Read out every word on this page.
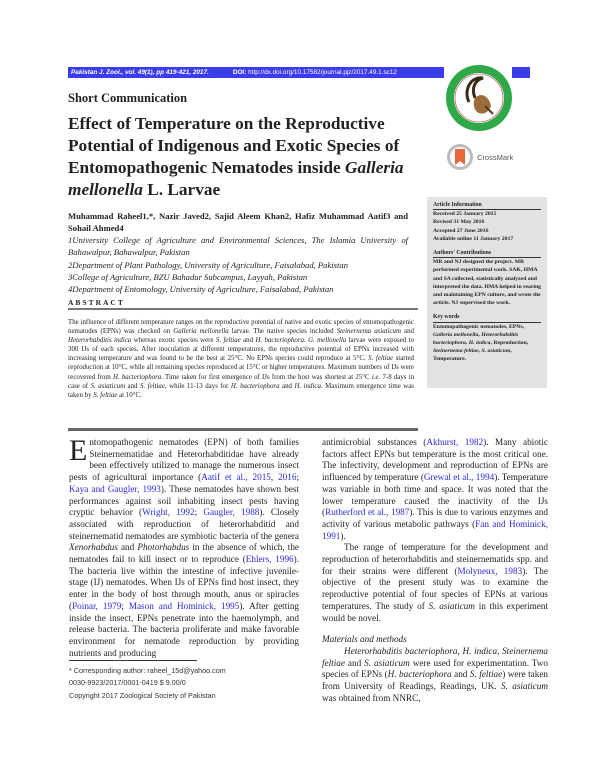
Pakistan J. Zool., vol. 49(1), pp 419-421, 2017.	DOI: http://dx.doi.org/10.17582/journal.pjz/2017.49.1.sc12
CrossMark
Short Communication
Effect of Temperature on the Reproductive Potential of Indigenous and Exotic Species of Entomopathogenic Nematodes inside Galleria mellonella L. Larvae
Muhammad Raheel1,*, Nazir Javed2, Sajid Aleem Khan2, Hafiz Muhammad Aatif3 and Sohail Ahmed4
1University College of Agriculture and Environmental Sciences, The Islamia University of Bahawalpur, Bahawalpur, Pakistan
2Department of Plant Pathology, University of Agriculture, Faisalabad, Pakistan
3College of Agriculture, BZU Bahadur Subcampus, Layyah, Pakistan
4Department of Entomology, University of Agriculture, Faisalabad, Pakistan
ABSTRACT
The influence of different temperature ranges on the reproductive potential of native and exotic species of entomopathogenic nematodes (EPNs) was checked on Galleria mellonella larvae. The native species included Steinernema asiaticum and Heterorhabditis indica whereas exotic species were S. feltiae and H. bacteriophora. G. mellonella larvae were exposed to 300 IJs of each species. After inoculation at different temperatures, the reproductive potential of EPNs increased with increasing temperature and was found to be the best at 25°C. No EPNs species could reproduce at 5°C. S. feltiae started reproduction at 10°C, while all remaining species reproduced at 15°C or higher temperatures. Maximum numbers of IJs were recovered from H. bacteriophora. Time taken for first emergence of IJs from the host was shortest at 25°C i.e. 7-8 days in case of S. asiaticum and S. feltiae, while 11-13 days for H. bacteriophora and H. indica. Maximum emergence time was taken by S. feltiae at 10°C.
Article Information

Received 25 January 2015
Revised 31 May 2016
Accepted 27 June 2016
Available online 11 January 2017

Authors' Contributions

MR and NJ designed the project. MR performed experimental work. SAK, HMA and SA collected, statistically analyzed and interpreted the data. HMA helped in rearing and maintaining EPN culture, and wrote the article. NJ supervised the work.

Key words

Entomopathogenic nematodes, EPNs, Galleria mellonella, Heterorhabditis bacteriophora, H. indica, Reproduction, Steinernema feltiae, S. asiaticum, Temperature.

Entomopathogenic nematodes (EPN) of both families Steinernematidae and Heterorhabditidae have already been effectively utilized to manage the numerous insect pests of agricultural importance (Aatif et al., 2015, 2016; Kaya and Gaugler, 1993). These nematodes have shown best performances against soil inhabiting insect pests having cryptic behavior (Wright, 1992; Gaugler, 1988). Closely associated with reproduction of heterorhabditid and steinernematid nematodes are symbiotic bacteria of the genera Xenorhabdus and Photorhabdus in the absence of which, the nematodes fail to kill insect or to reproduce (Ehlers, 1996). The bacteria live within the intestine of infective juvenile-stage (IJ) nematodes. When IJs of EPNs find host insect, they enter in the body of host through mouth, anus or spiracles (Poinar, 1979; Mason and Hominick, 1995). After getting inside the insect, EPNs penetrate into the haemolymph, and release bacteria. The bacteria proliferate and make favorable environment for nematode reproduction by providing nutrients and producing

antimicrobial substances (Akhurst, 1982). Many abiotic factors affect EPNs but temperature is the most critical one. The infectivity, development and reproduction of EPNs are influenced by temperature (Grewal et al., 1994). Temperature was variable in both time and space. It was noted that the lower temperature caused the inactivity of the IJs (Rutherford et al., 1987). This is due to various enzymes and activity of various metabolic pathways (Fan and Hominick, 1991).

The range of temperature for the development and reproduction of heterorhabditis and steinernematids spp. and for their strains were different (Molyneux, 1983). The objective of the present study was to examine the reproductive potential of four species of EPNs at various temperatures. The study of S. asiaticum in this experiment would be novel.

Materials and methods

Heterorhabditis bacteriophora, H. indica, Steinernema feltiae and S. asiaticum were used for experimentation. Two species of EPNs (H. bacteriophora and S. feltiae) were taken from University of Readings, Readings, UK. S. asiaticum was obtained from NNRC,

* Corresponding author: raheel_15d@yahoo.com
0030-9923/2017/0001-0419 $ 9.00/0
Copyright 2017 Zoological Society of Pakistan
